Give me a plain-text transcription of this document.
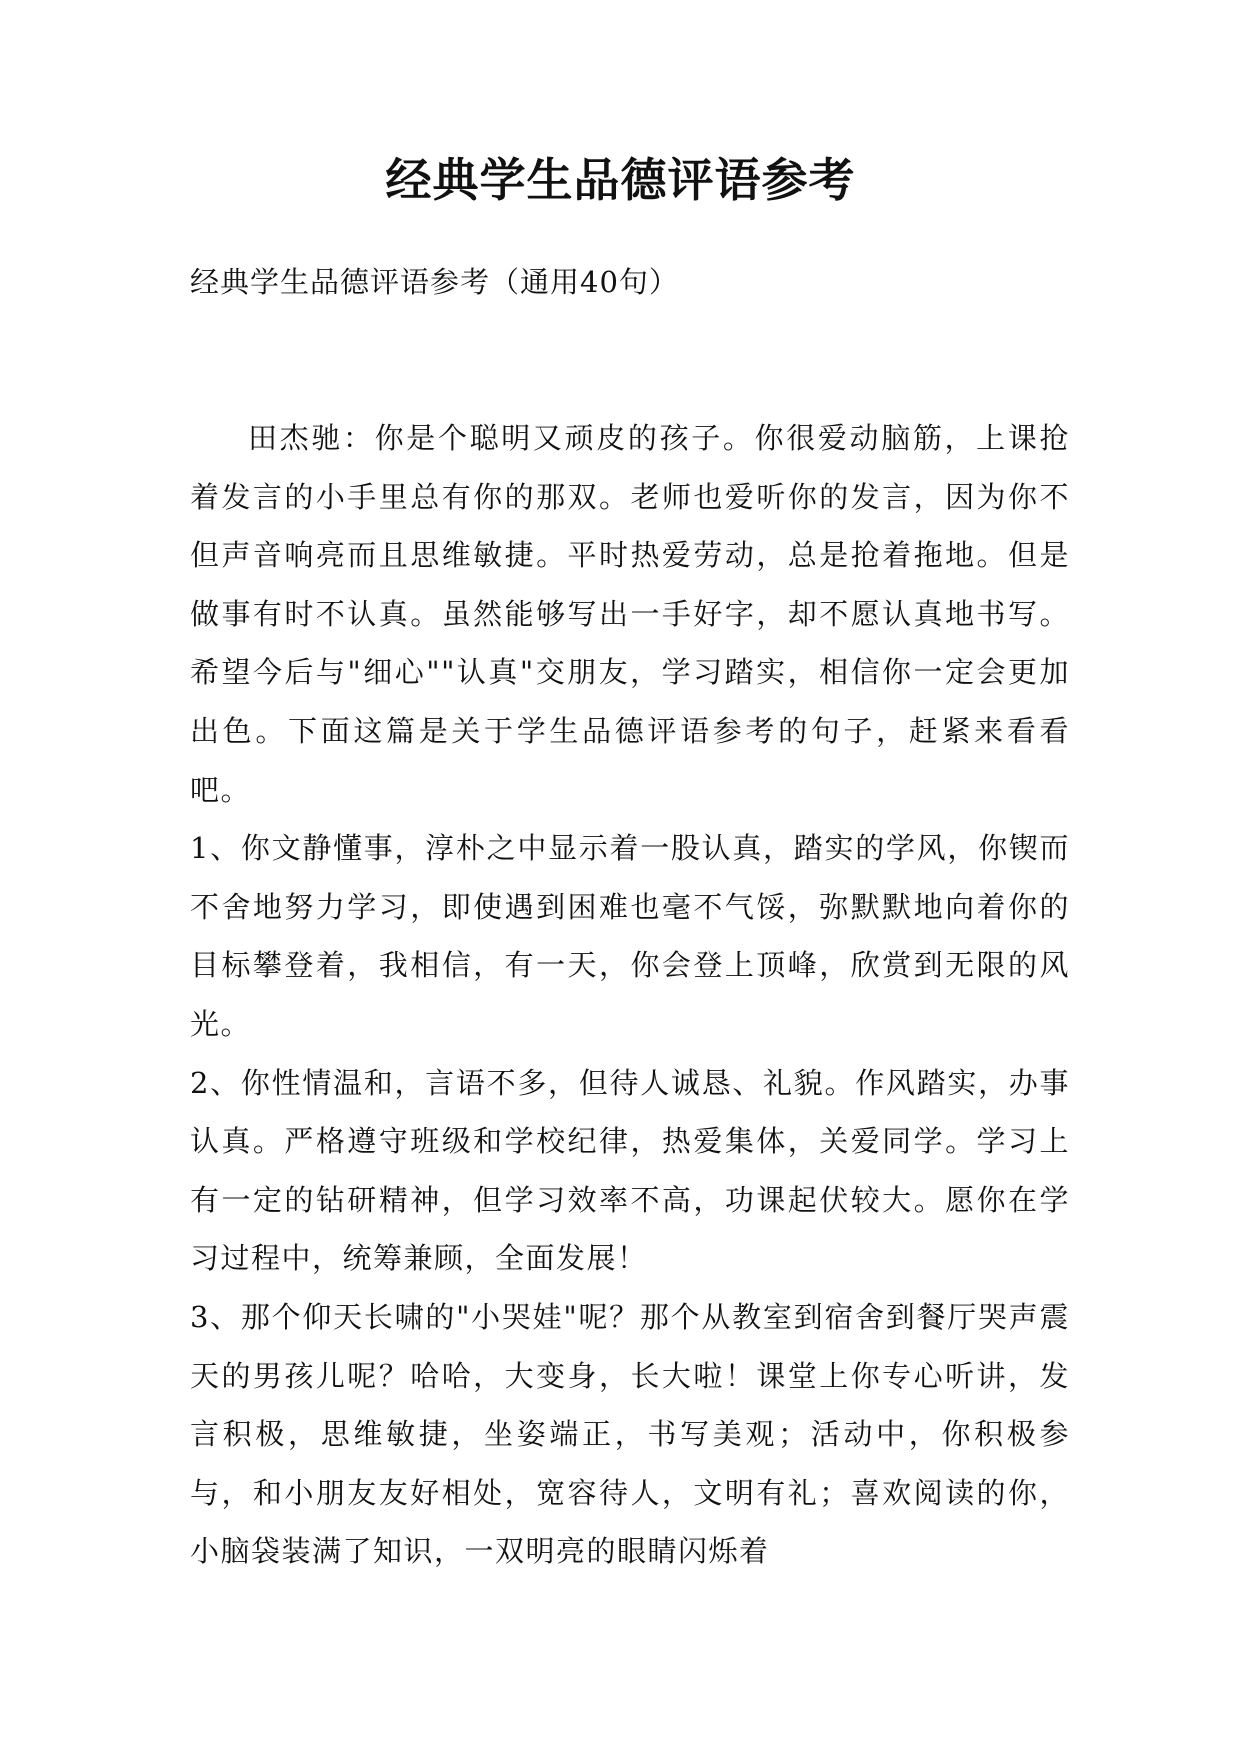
经典学生品德评语参考
经典学生品德评语参考（通用40句）

田杰驰：你是个聪明又顽皮的孩子。你很爱动脑筋，上课抢着发言的小手里总有你的那双。老师也爱听你的发言，因为你不但声音响亮而且思维敏捷。平时热爱劳动，总是抢着拖地。但是做事有时不认真。虽然能够写出一手好字，却不愿认真地书写。希望今后与"细心""认真"交朋友，学习踏实，相信你一定会更加出色。下面这篇是关于学生品德评语参考的句子，赶紧来看看吧。

1、你文静懂事，淳朴之中显示着一股认真，踏实的学风，你锲而不舍地努力学习，即使遇到困难也毫不气馁，弥默默地向着你的目标攀登着，我相信，有一天，你会登上顶峰，欣赏到无限的风光。

2、你性情温和，言语不多，但待人诚恳、礼貌。作风踏实，办事认真。严格遵守班级和学校纪律，热爱集体，关爱同学。学习上有一定的钻研精神，但学习效率不高，功课起伏较大。愿你在学习过程中，统筹兼顾，全面发展！

3、那个仰天长啸的"小哭娃"呢？那个从教室到宿舍到餐厅哭声震天的男孩儿呢？哈哈，大变身，长大啦！课堂上你专心听讲，发言积极，思维敏捷，坐姿端正，书写美观；活动中，你积极参与，和小朋友友好相处，宽容待人，文明有礼；喜欢阅读的你，小脑袋装满了知识，一双明亮的眼睛闪烁着
